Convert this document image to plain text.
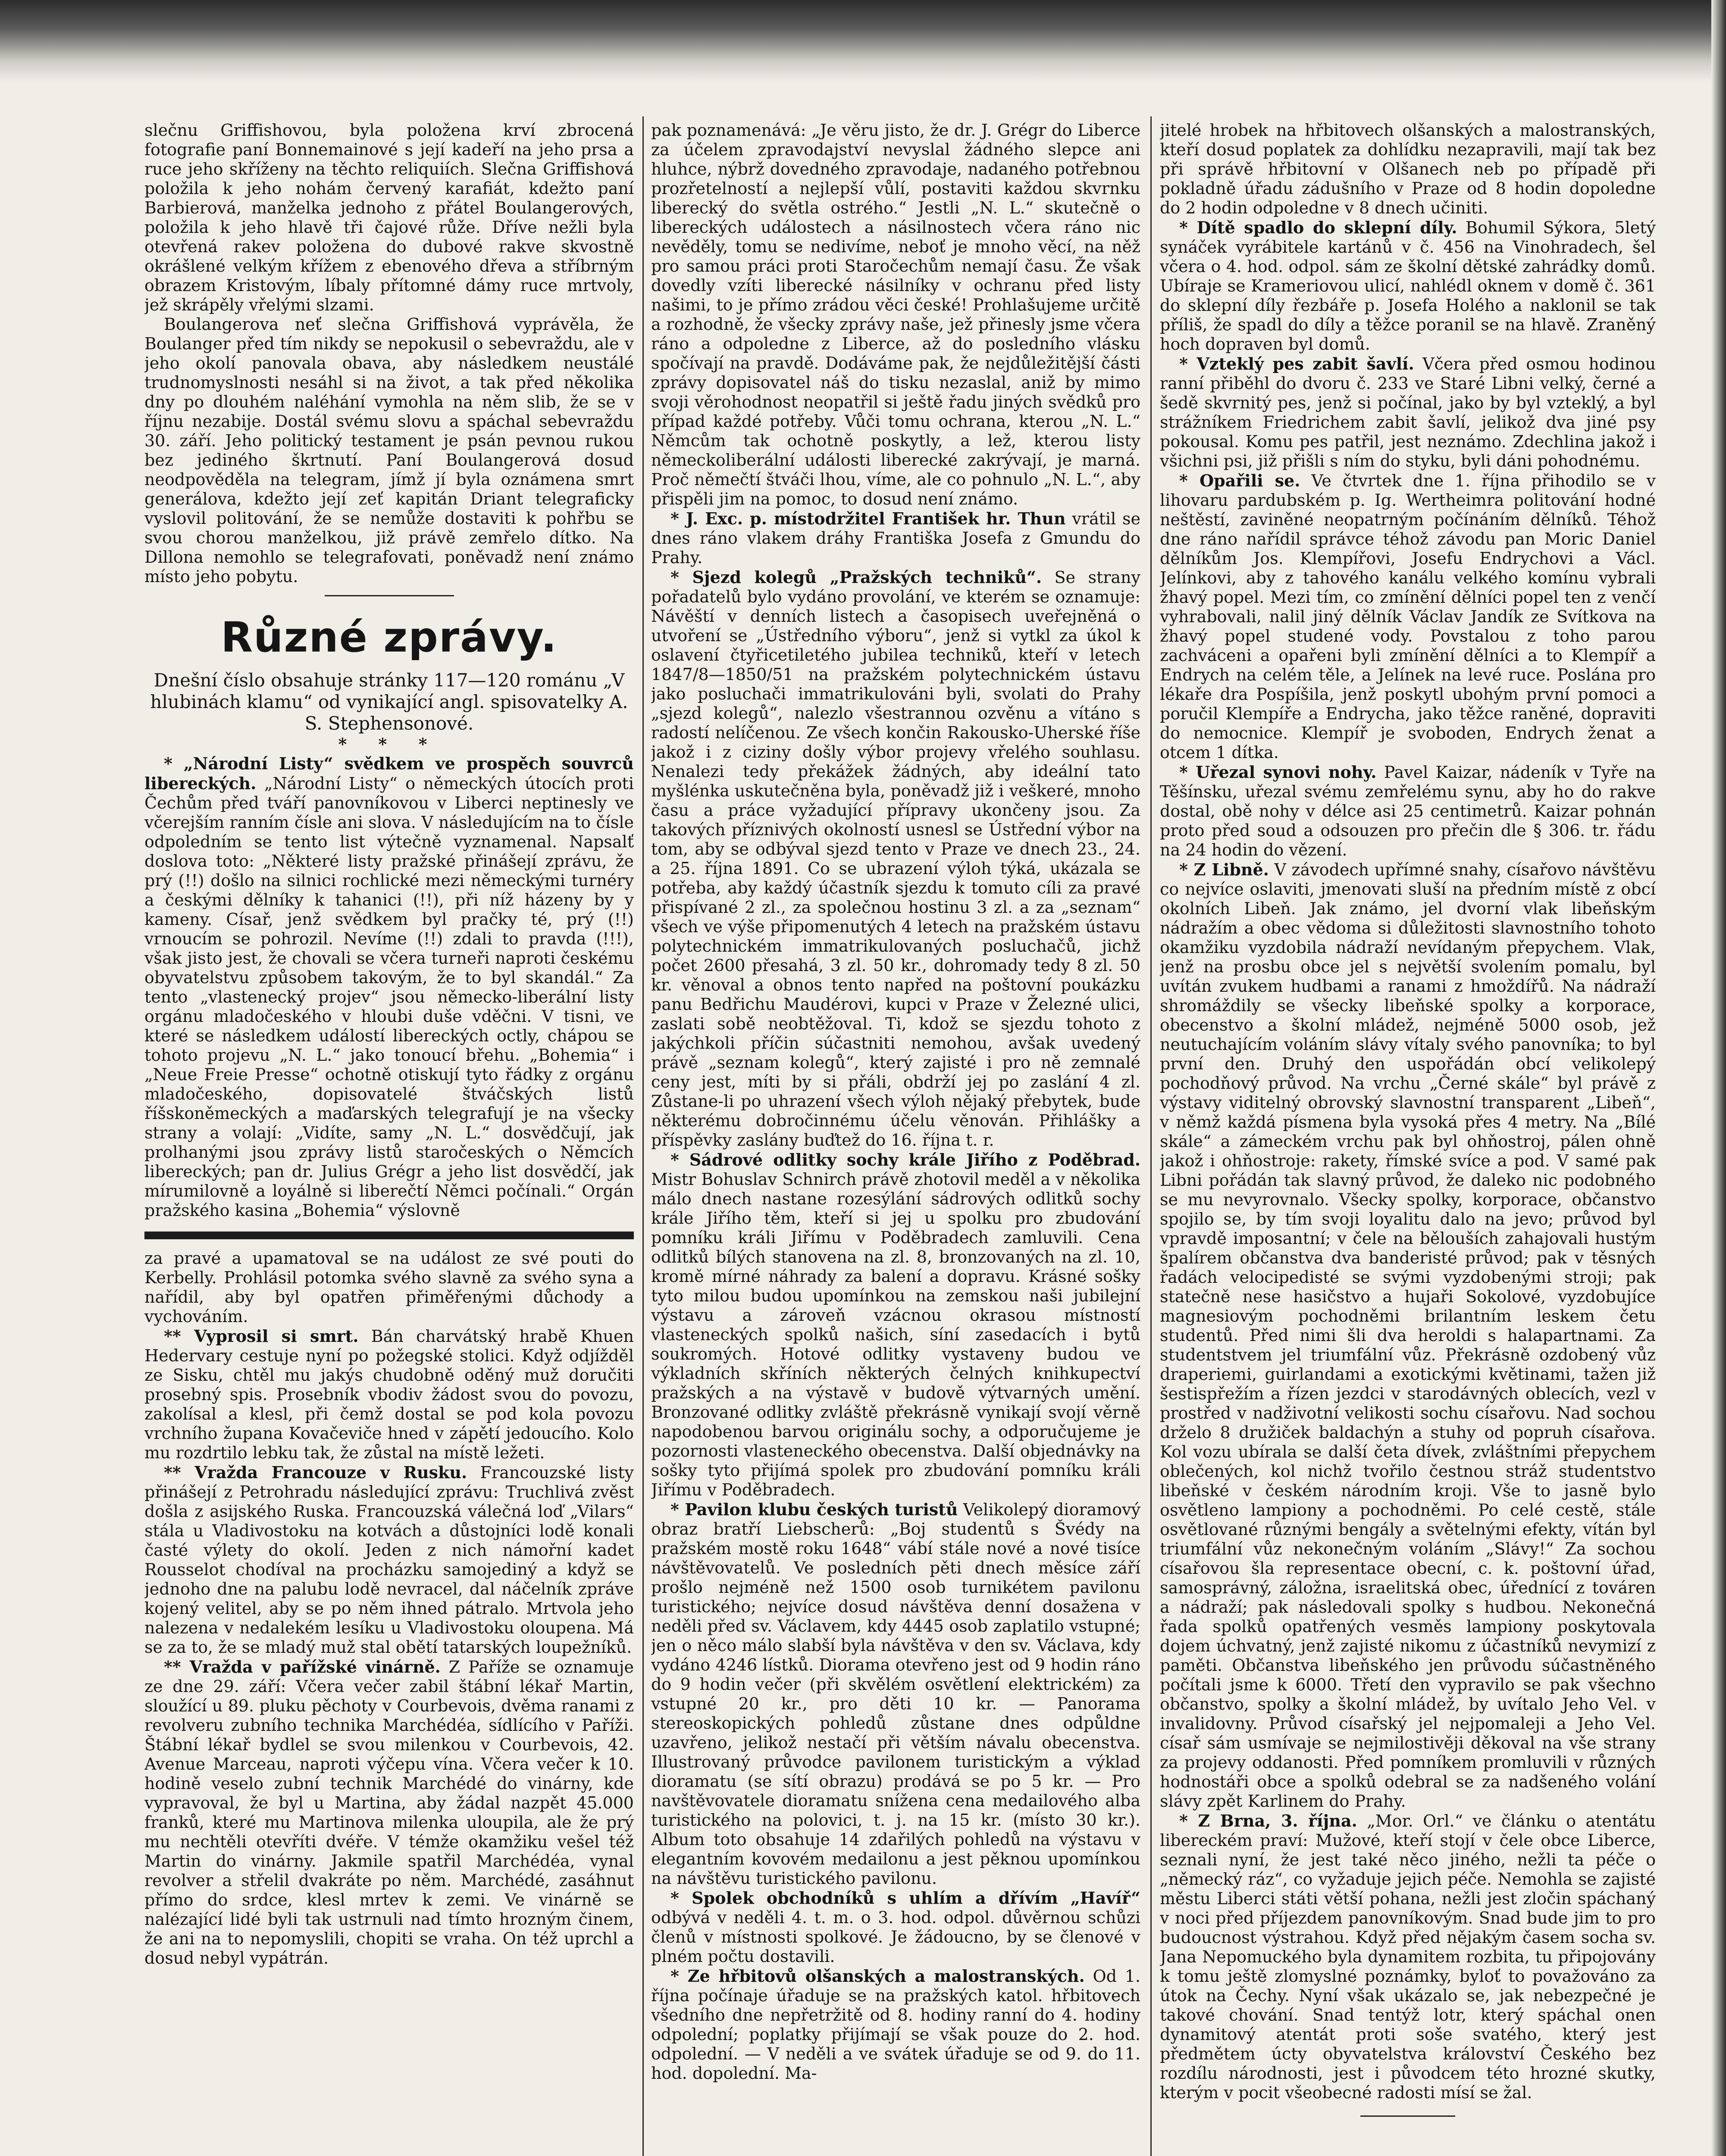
slečnu Griffishovou, byla položena krví zbrocená fotografie paní Bonnemainové s její kadeří na jeho prsa a ruce jeho skříženy na těchto reliquiích. Slečna Griffishová položila k jeho nohám červený karafiát, kdežto paní Barbierová, manželka jednoho z přátel Boulangerových, položila k jeho hlavě tři čajové růže. Dříve nežli byla otevřená rakev položena do dubové rakve skvostně okrášlené velkým křížem z ebenového dřeva a stříbrným obrazem Kristovým, líbaly přítomné dámy ruce mrtvoly, jež skrápěly vřelými slzami.

Boulangerova neť slečna Griffishová vyprávěla, že Boulanger před tím nikdy se nepokusil o sebevraždu, ale v jeho okolí panovala obava, aby následkem neustálé trudnomyslnosti nesáhl si na život, a tak před několika dny po dlouhém naléhání vymohla na něm slib, že se v říjnu nezabije. Dostál svému slovu a spáchal sebevraždu 30. září. Jeho politický testament je psán pevnou rukou bez jediného škrtnutí. Paní Boulangerová dosud neodpověděla na telegram, jímž jí byla oznámena smrt generálova, kdežto její zeť kapitán Driant telegraficky vyslovil politování, že se nemůže dostaviti k pohřbu se svou chorou manželkou, již právě zemřelo dítko. Na Dillona nemohlo se telegrafovati, poněvadž není známo místo jeho pobytu.

Různé zprávy.

Dnešní číslo obsahuje stránky 117—120 románu „V hlubinách klamu“ od vynikající angl. spisovatelky A. S. Stephensonové.

* * *

* „Národní Listy“ svědkem ve prospěch souvrců libereckých. „Národní Listy“ o německých útocích proti Čechům před tváří panovníkovou v Liberci neptinesly ve včerejším ranním čísle ani slova. V následujícím na to čísle odpoledním se tento list výtečně vyznamenal. Napsalť doslova toto: „Některé listy pražské přinášejí zprávu, že prý (!!) došlo na silnici rochlické mezi německými turnéry a českými dělníky k tahanici (!!), při níž házeny by y kameny. Císař, jenž svědkem byl pračky té, prý (!!) vrnoucím se pohrozil. Nevíme (!!) zdali to pravda (!!!), však jisto jest, že chovali se včera turneři naproti českému obyvatelstvu způsobem takovým, že to byl skandál.“ Za tento „vlastenecký projev“ jsou německo-liberální listy orgánu mladočeského v hloubi duše vděčni. V tisni, ve které se následkem událostí libereckých octly, chápou se tohoto projevu „N. L.“ jako tonoucí břehu. „Bohemia“ i „Neue Freie Presse“ ochotně otiskují tyto řádky z orgánu mladočeského, dopisovatelé štváčských listů říšskoněmeckých a maďarských telegrafují je na všecky strany a volají: „Vidíte, samy „N. L.“ dosvědčují, jak prolhanými jsou zprávy listů staročeských o Němcích libereckých; pan dr. Julius Grégr a jeho list dosvědčí, jak mírumilovně a loyálně si liberečtí Němci počínali.“ Orgán pražského kasina „Bohemia“ výslovně

za pravé a upamatoval se na událost ze své pouti do Kerbelly. Prohlásil potomka svého slavně za svého syna a nařídil, aby byl opatřen přiměřenými důchody a vychováním.

** Vyprosil si smrt. Bán charvátský hrabě Khuen Hedervary cestuje nyní po požegské stolici. Když odjížděl ze Sisku, chtěl mu jakýs chudobně oděný muž doručiti prosebný spis. Prosebník vbodiv žádost svou do povozu, zakolísal a klesl, při čemž dostal se pod kola povozu vrchního župana Kovačeviče hned v zápětí jedoucího. Kolo mu rozdrtilo lebku tak, že zůstal na místě ležeti.

** Vražda Francouze v Rusku. Francouzské listy přinášejí z Petrohradu následující zprávu: Truchlivá zvěst došla z asijského Ruska. Francouzská válečná loď „Vilars“ stála u Vladivostoku na kotvách a důstojníci lodě konali časté výlety do okolí. Jeden z nich námořní kadet Rousselot chodíval na procházku samojediný a když se jednoho dne na palubu lodě nevracel, dal náčelník zpráve kojený velitel, aby se po něm ihned pátralo. Mrtvola jeho nalezena v nedalekém lesíku u Vladivostoku oloupena. Má se za to, že se mladý muž stal obětí tatarských loupežníků.

** Vražda v pařížské vinárně. Z Paříže se oznamuje ze dne 29. září: Včera večer zabil štábní lékař Martin, sloužící u 89. pluku pěchoty v Courbevois, dvěma ranami z revolveru zubního technika Marchédéa, sídlícího v Paříži. Štábní lékař bydlel se svou milenkou v Courbevois, 42. Avenue Marceau, naproti výčepu vína. Včera večer k 10. hodině veselo zubní technik Marchédé do vinárny, kde vypravoval, že byl u Martina, aby žádal nazpět 45.000 franků, které mu Martinova milenka uloupila, ale že prý mu nechtěli otevříti dvéře. V témže okamžiku vešel též Martin do vinárny. Jakmile spatřil Marchédéa, vynal revolver a střelil dvakráte po něm. Marchédé, zasáhnut přímo do srdce, klesl mrtev k zemi. Ve vinárně se nalézající lidé byli tak ustrnuli nad tímto hrozným činem, že ani na to nepomyslili, chopiti se vraha. On též uprchl a dosud nebyl vypátrán.

pak poznamenává: „Je věru jisto, že dr. J. Grégr do Liberce za účelem zpravodajství nevyslal žádného slepce ani hluhce, nýbrž dovedného zpravodaje, nadaného potřebnou prozřetelností a nejlepší vůlí, postaviti každou skvrnku liberecký do světla ostrého.“ Jestli „N. L.“ skutečně o libereckých událostech a násilnostech včera ráno nic nevěděly, tomu se nedivíme, neboť je mnoho věcí, na něž pro samou práci proti Staročechům nemají času. Že však dovedly vzíti liberecké násilníky v ochranu před listy našimi, to je přímo zrádou věci české! Prohlašujeme určitě a rozhodně, že všecky zprávy naše, jež přinesly jsme včera ráno a odpoledne z Liberce, až do posledního vlásku spočívají na pravdě. Dodáváme pak, že nejdůležitější části zprávy dopisovatel náš do tisku nezaslal, aniž by mimo svoji věrohodnost neopatřil si ještě řadu jiných svědků pro případ každé potřeby. Vůči tomu ochrana, kterou „N. L.“ Němcům tak ochotně poskytly, a lež, kterou listy německoliberální události liberecké zakrývají, je marná. Proč němečtí štváči lhou, víme, ale co pohnulo „N. L.“, aby přispěli jim na pomoc, to dosud není známo.

* J. Exc. p. místodržitel František hr. Thun vrátil se dnes ráno vlakem dráhy Františka Josefa z Gmundu do Prahy.

* Sjezd kolegů „Pražských techniků“. Se strany pořadatelů bylo vydáno provolání, ve kterém se oznamuje: Návěští v denních listech a časopisech uveřejněná o utvoření se „Ústředního výboru“, jenž si vytkl za úkol k oslavení čtyřicetiletého jubilea techniků, kteří v letech 1847/8—1850/51 na pražském polytechnickém ústavu jako posluchači immatrikulováni byli, svolati do Prahy „sjezd kolegů“, nalezlo všestrannou ozvěnu a vítáno s radostí nelíčenou. Ze všech končin Rakousko-Uherské říše jakož i z ciziny došly výbor projevy vřelého souhlasu. Nenalezi tedy překážek žádných, aby ideální tato myšlénka uskutečněna byla, poněvadž již i veškeré, mnoho času a práce vyžadující přípravy ukončeny jsou. Za takových příznivých okolností usnesl se Ústřední výbor na tom, aby se odbýval sjezd tento v Praze ve dnech 23., 24. a 25. října 1891. Co se ubrazení výloh týká, ukázala se potřeba, aby každý účastník sjezdu k tomuto cíli za pravé přispívané 2 zl., za společnou hostinu 3 zl. a za „seznam“ všech ve výše připomenutých 4 letech na pražském ústavu polytechnickém immatrikulovaných posluchačů, jichž počet 2600 přesahá, 3 zl. 50 kr., dohromady tedy 8 zl. 50 kr. věnoval a obnos tento napřed na poštovní poukázku panu Bedřichu Maudérovi, kupci v Praze v Železné ulici, zaslati sobě neobtěžoval. Ti, kdož se sjezdu tohoto z jakýchkoli příčin súčastniti nemohou, avšak uvedený právě „seznam kolegů“, který zajisté i pro ně zemnalé ceny jest, míti by si přáli, obdrží jej po zaslání 4 zl. Zůstane-li po uhrazení všech výloh nějaký přebytek, bude některému dobročinnému účelu věnován. Přihlášky a příspěvky zaslány buďtež do 16. října t. r.

* Sádrové odlitky sochy krále Jiřího z Poděbrad. Mistr Bohuslav Schnirch právě zhotovil meděl a v několika málo dnech nastane rozesýlání sádrových odlitků sochy krále Jiřího těm, kteří si jej u spolku pro zbudování pomníku králi Jiřímu v Poděbradech zamluvili. Cena odlitků bílých stanovena na zl. 8, bronzovaných na zl. 10, kromě mírné náhrady za balení a dopravu. Krásné sošky tyto milou budou upomínkou na zemskou naši jubilejní výstavu a zároveň vzácnou okrasou místností vlasteneckých spolků našich, síní zasedacích i bytů soukromých. Hotové odlitky vystaveny budou ve výkladních skříních některých čelných knihkupectví pražských a na výstavě v budově výtvarných umění. Bronzované odlitky zvláště překrásně vynikají svojí věrně napodobenou barvou originálu sochy, a odporučujeme je pozornosti vlasteneckého obecenstva. Další objednávky na sošky tyto přijímá spolek pro zbudování pomníku králi Jiřímu v Poděbradech.

* Pavilon klubu českých turistů Velikolepý dioramový obraz bratří Liebscherů: „Boj studentů s Švédy na pražském mostě roku 1648“ vábí stále nové a nové tisíce návštěvovatelů. Ve posledních pěti dnech měsíce září prošlo nejméně než 1500 osob turnikétem pavilonu turistického; nejvíce dosud návštěva denní dosažena v neděli před sv. Václavem, kdy 4445 osob zaplatilo vstupné; jen o něco málo slabší byla návštěva v den sv. Václava, kdy vydáno 4246 lístků. Diorama otevřeno jest od 9 hodin ráno do 9 hodin večer (při skvělém osvětlení elektrickém) za vstupné 20 kr., pro děti 10 kr. — Panorama stereoskopických pohledů zůstane dnes odpůldne uzavřeno, jelikož nestačí při větším návalu obecenstva. Illustrovaný průvodce pavilonem turistickým a výklad dioramatu (se sítí obrazu) prodává se po 5 kr. — Pro navštěvovatele dioramatu snížena cena medailového alba turistického na polovici, t. j. na 15 kr. (místo 30 kr.). Album toto obsahuje 14 zdařilých pohledů na výstavu v elegantním kovovém medailonu a jest pěknou upomínkou na návštěvu turistického pavilonu.

* Spolek obchodníků s uhlím a dřívím „Havíř“ odbývá v neděli 4. t. m. o 3. hod. odpol. důvěrnou schůzi členů v místnosti spolkové. Je žádoucno, by se členové v plném počtu dostavili.

* Ze hřbitovů olšanských a malostranských. Od 1. října počínaje úřaduje se na pražských katol. hřbitovech všedního dne nepřetržitě od 8. hodiny ranní do 4. hodiny odpolední; poplatky přijímají se však pouze do 2. hod. odpolední. — V neděli a ve svátek úřaduje se od 9. do 11. hod. dopolední. Ma-

jitelé hrobek na hřbitovech olšanských a malostranských, kteří dosud poplatek za dohlídku nezapravili, mají tak bez při správě hřbitovní v Olšanech neb po případě při pokladně úřadu zádušního v Praze od 8 hodin dopoledne do 2 hodin odpoledne v 8 dnech učiniti.

* Dítě spadlo do sklepní díly. Bohumil Sýkora, 5letý synáček vyrábitele kartánů v č. 456 na Vinohradech, šel včera o 4. hod. odpol. sám ze školní dětské zahrádky domů. Ubíraje se Krameriovou ulicí, nahlédl oknem v domě č. 361 do sklepní díly řezbáře p. Josefa Holého a naklonil se tak příliš, že spadl do díly a těžce poranil se na hlavě. Zraněný hoch dopraven byl domů.

* Vzteklý pes zabit šavlí. Včera před osmou hodinou ranní přiběhl do dvoru č. 233 ve Staré Libni velký, černé a šedě skvrnitý pes, jenž si počínal, jako by byl vzteklý, a byl strážníkem Friedrichem zabit šavlí, jelikož dva jiné psy pokousal. Komu pes patřil, jest neznámo. Zdechlina jakož i všichni psi, již přišli s ním do styku, byli dáni pohodnému.

* Opařili se. Ve čtvrtek dne 1. října přihodilo se v lihovaru pardubském p. Ig. Wertheimra politování hodné neštěstí, zaviněné neopatrným počínáním dělníků. Téhož dne ráno nařídil správce téhož závodu pan Moric Daniel dělníkům Jos. Klempířovi, Josefu Endrychovi a Václ. Jelínkovi, aby z tahového kanálu velkého komínu vybrali žhavý popel. Mezi tím, co zmínění dělníci popel ten z venčí vyhrabovali, nalil jiný dělník Václav Jandík ze Svítkova na žhavý popel studené vody. Povstalou z toho parou zachváceni a opařeni byli zmínění dělníci a to Klempíř a Endrych na celém těle, a Jelínek na levé ruce. Poslána pro lékaře dra Pospíšila, jenž poskytl ubohým první pomoci a poručil Klempíře a Endrycha, jako těžce raněné, dopraviti do nemocnice. Klempíř je svoboden, Endrych ženat a otcem 1 dítka.

* Uřezal synovi nohy. Pavel Kaizar, nádeník v Tyře na Těšínsku, uřezal svému zemřelému synu, aby ho do rakve dostal, obě nohy v délce asi 25 centimetrů. Kaizar pohnán proto před soud a odsouzen pro přečin dle § 306. tr. řádu na 24 hodin do vězení.

* Z Libně. V závodech upřímné snahy, císařovo návštěvu co nejvíce oslaviti, jmenovati sluší na předním místě z obcí okolních Libeň. Jak známo, jel dvorní vlak libeňským nádražím a obec vědoma si důležitosti slavnostního tohoto okamžiku vyzdobila nádraží nevídaným přepychem. Vlak, jenž na prosbu obce jel s největší svolením pomalu, byl uvítán zvukem hudbami a ranami z hmoždířů. Na nádraží shromáždily se všecky libeňské spolky a korporace, obecenstvo a školní mládež, nejméně 5000 osob, jež neutuchajícím voláním slávy vítaly svého panovníka; to byl první den. Druhý den uspořádán obcí velikolepý pochodňový průvod. Na vrchu „Černé skále“ byl právě z výstavy viditelný obrovský slavnostní transparent „Libeň“, v němž každá písmena byla vysoká přes 4 metry. Na „Bílé skále“ a zámeckém vrchu pak byl ohňostroj, pálen ohně jakož i ohňostroje: rakety, římské svíce a pod. V samé pak Libni pořádán tak slavný průvod, že daleko nic podobného se mu nevyrovnalo. Všecky spolky, korporace, občanstvo spojilo se, by tím svoji loyalitu dalo na jevo; průvod byl vpravdě imposantní; v čele na bělouších zahajovali hustým špalírem občanstva dva banderisté průvod; pak v těsných řadách velocipedisté se svými vyzdobenými stroji; pak statečně nese hasičstvo a hujaři Sokolové, vyzdobujíce magnesiovým pochodněmi brilantním leskem četu studentů. Před nimi šli dva heroldi s halapartnami. Za studentstvem jel triumfální vůz. Překrásně ozdobený vůz draperiemi, guirlandami a exotickými květinami, tažen již šestispřežím a řízen jezdci v starodávných oblecích, vezl v prostřed v nadživotní velikosti sochu císařovu. Nad sochou drželo 8 družiček baldachýn a stuhy od popruh císařova. Kol vozu ubírala se další četa dívek, zvláštními přepychem oblečených, kol nichž tvořilo čestnou stráž studentstvo libeňské v českém národním kroji. Vše to jasně bylo osvětleno lampiony a pochodněmi. Po celé cestě, stále osvětlované různými bengály a světelnými efekty, vítán byl triumfální vůz nekonečným voláním „Slávy!“ Za sochou císařovou šla representace obecní, c. k. poštovní úřad, samosprávný, záložna, israelitská obec, úřednící z továren a nádraží; pak následovali spolky s hudbou. Nekonečná řada spolků opatřených vesměs lampiony poskytovala dojem úchvatný, jenž zajisté nikomu z účastníků nevymizí z paměti. Občanstva libeňského jen průvodu súčastněného počítali jsme k 6000. Třetí den vypravilo se pak všechno občanstvo, spolky a školní mládež, by uvítalo Jeho Vel. v invalidovny. Průvod císařský jel nejpomaleji a Jeho Vel. císař sám usmívaje se nejmilostivěji děkoval na vše strany za projevy oddanosti. Před pomníkem promluvili v různých hodnostáři obce a spolků odebral se za nadšeného volání slávy zpět Karlinem do Prahy.

* Z Brna, 3. října. „Mor. Orl.“ ve článku o atentátu libereckém praví: Mužové, kteří stojí v čele obce Liberce, seznali nyní, že jest také něco jiného, nežli ta péče o „německý ráz“, co vyžaduje jejich péče. Nemohla se zajisté městu Liberci státi větší pohana, nežli jest zločin spáchaný v noci před příjezdem panovníkovým. Snad bude jim to pro budoucnost výstrahou. Když před nějakým časem socha sv. Jana Nepomuckého byla dynamitem rozbita, tu připojovány k tomu ještě zlomyslné poznámky, byloť to považováno za útok na Čechy. Nyní však ukázalo se, jak nebezpečné je takové chování. Snad tentýž lotr, který spáchal onen dynamitový atentát proti soše svatého, který jest předmětem úcty obyvatelstva království Českého bez rozdílu národnosti, jest i původcem této hrozné skutky, kterým v pocit všeobecné radosti mísí se žal.
